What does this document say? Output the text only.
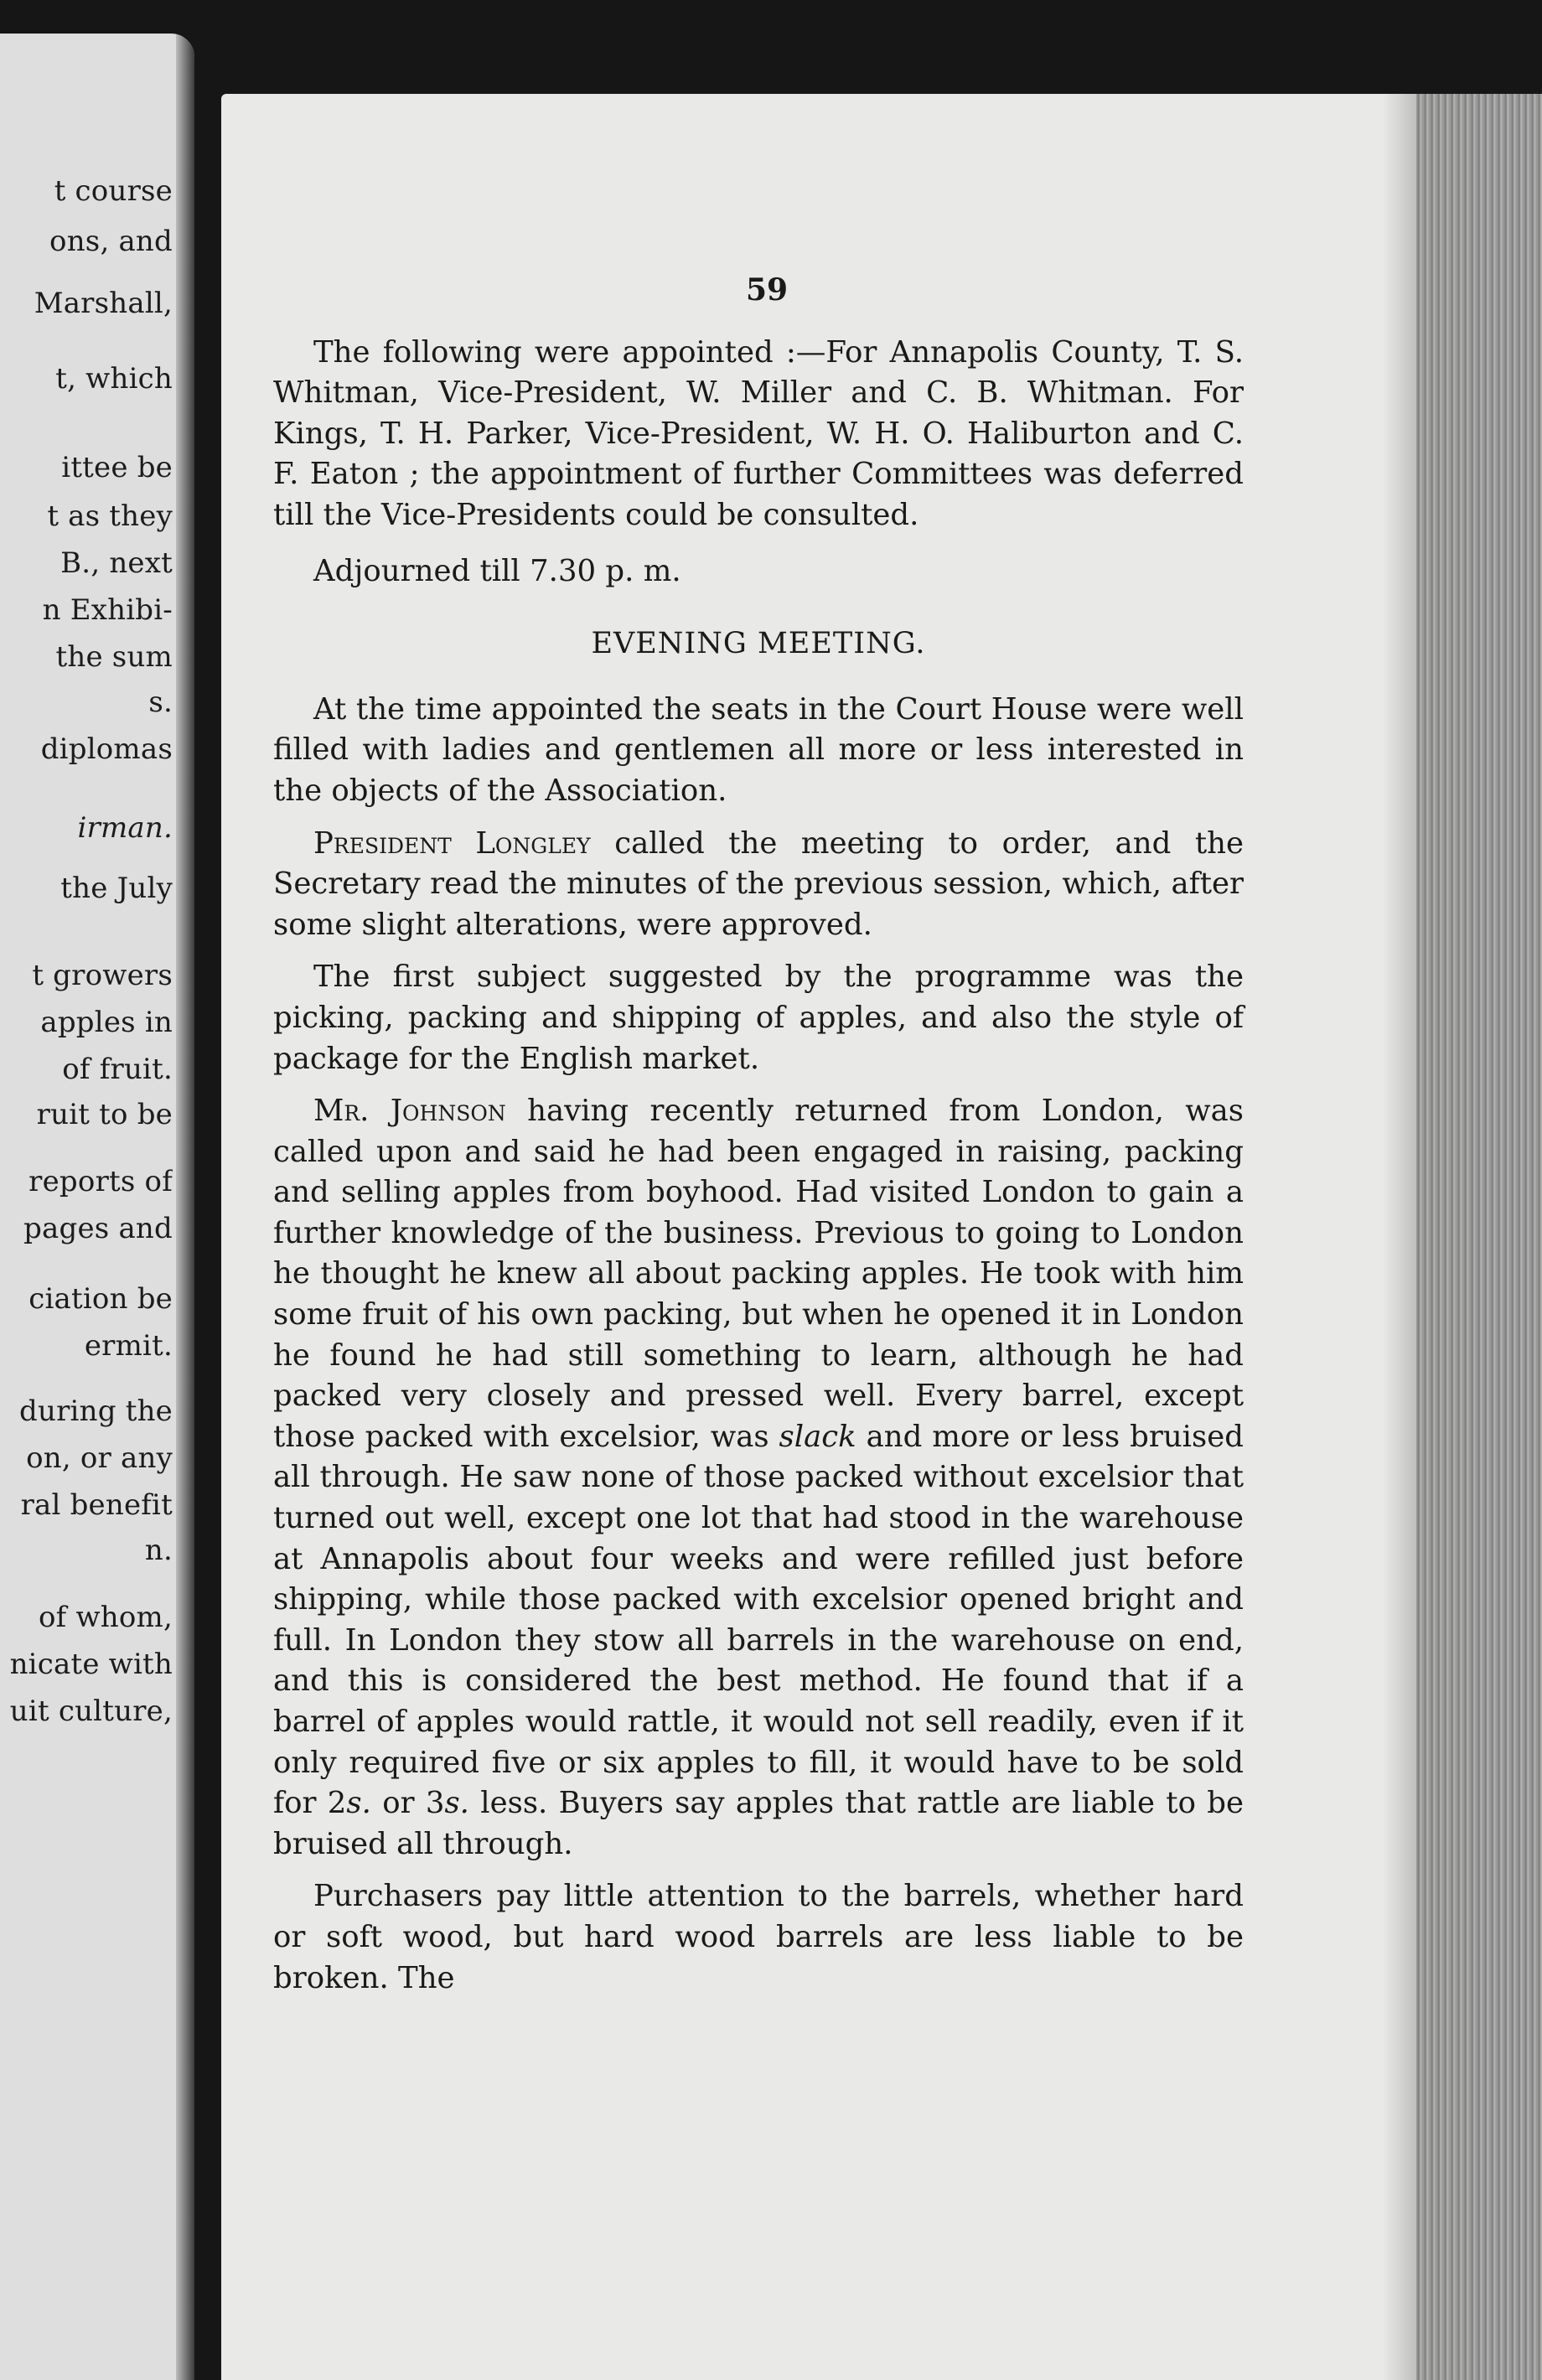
t course
ons, and
Marshall,
t, which
ittee be
t as they
B., next
n Exhibi-
the sum
s.
diplomas
irman.
the July
t growers
apples in
of fruit.
ruit to be
reports of
pages and
ciation be
ermit.
during the
on, or any
ral benefit
n.
of whom,
nicate with
uit culture,
59

The following were appointed :—For Annapolis County, T. S. Whitman, Vice-President, W. Miller and C. B. Whitman. For Kings, T. H. Parker, Vice-President, W. H. O. Haliburton and C. F. Eaton ; the appointment of further Committees was deferred till the Vice-Presidents could be consulted.

Adjourned till 7.30 p. m.

EVENING MEETING.

At the time appointed the seats in the Court House were well filled with ladies and gentlemen all more or less interested in the objects of the Association.

President Longley called the meeting to order, and the Secretary read the minutes of the previous session, which, after some slight alterations, were approved.

The first subject suggested by the programme was the picking, packing and shipping of apples, and also the style of package for the English market.

Mr. Johnson having recently returned from London, was called upon and said he had been engaged in raising, packing and selling apples from boyhood. Had visited London to gain a further knowledge of the business. Previous to going to London he thought he knew all about packing apples. He took with him some fruit of his own packing, but when he opened it in London he found he had still something to learn, although he had packed very closely and pressed well. Every barrel, except those packed with excelsior, was slack and more or less bruised all through. He saw none of those packed without excelsior that turned out well, except one lot that had stood in the warehouse at Annapolis about four weeks and were refilled just before shipping, while those packed with excelsior opened bright and full. In London they stow all barrels in the warehouse on end, and this is considered the best method. He found that if a barrel of apples would rattle, it would not sell readily, even if it only required five or six apples to fill, it would have to be sold for 2s. or 3s. less. Buyers say apples that rattle are liable to be bruised all through.

Purchasers pay little attention to the barrels, whether hard or soft wood, but hard wood barrels are less liable to be broken. The
